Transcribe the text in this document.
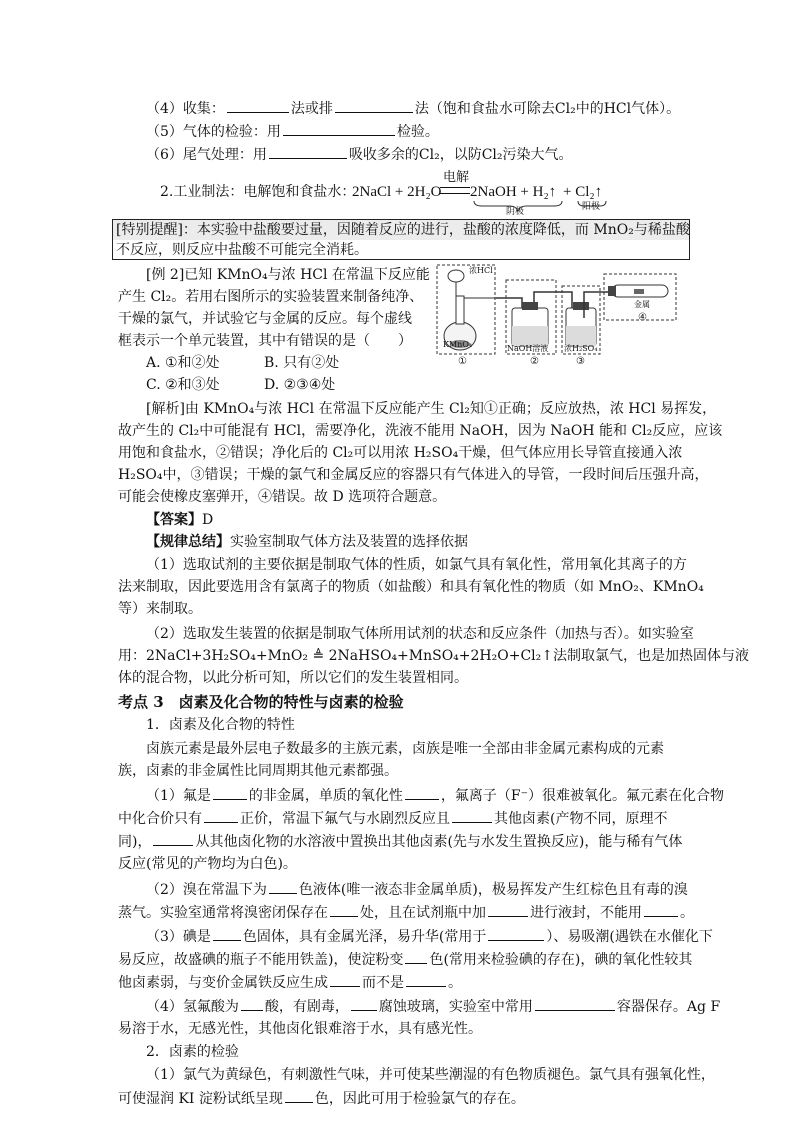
（4）收集：	法或排	法（饱和食盐水可除去Cl₂中的HCl气体）。
（5）气体的检验：用	检验。
（6）尾气处理：用	吸收多余的Cl₂，以防Cl₂污染大气。
2.工业制法：电解饱和食盐水：
2NaCl + 2H₂O
电解
2NaOH + H₂↑ + Cl₂↑
阴极	阳极
[特别提醒]：本实验中盐酸要过量，因随着反应的进行，盐酸的浓度降低，而 MnO₂与稀盐酸
不反应，则反应中盐酸不可能完全消耗。
[例 2]已知 KMnO₄与浓 HCl 在常温下反应能
产生 Cl₂。若用右图所示的实验装置来制备纯净、
干燥的氯气，并试验它与金属的反应。每个虚线
框表示一个单元装置，其中有错误的是（　　）
A. ①和②处	B. 只有②处
C. ②和③处	D. ②③④处
浓HCl
KMnO₄	NaOH溶液 浓H₂SO₄
金属
①	②	③
④
[解析]由 KMnO₄与浓 HCl 在常温下反应能产生 Cl₂知①正确；反应放热，浓 HCl 易挥发，
故产生的 Cl₂中可能混有 HCl，需要净化，洗液不能用 NaOH，因为 NaOH 能和 Cl₂反应，应该
用饱和食盐水，②错误；净化后的 Cl₂可以用浓 H₂SO₄干燥，但气体应用长导管直接通入浓
H₂SO₄中，③错误；干燥的氯气和金属反应的容器只有气体进入的导管，一段时间后压强升高，
可能会使橡皮塞弹开，④错误。故 D 选项符合题意。
【答案】D
【规律总结】实验室制取气体方法及装置的选择依据
（1）选取试剂的主要依据是制取气体的性质，如氯气具有氧化性，常用氧化其离子的方
法来制取，因此要选用含有氯离子的物质（如盐酸）和具有氧化性的物质（如 MnO₂、KMnO₄
等）来制取。
（2）选取发生装置的依据是制取气体所用试剂的状态和反应条件（加热与否）。如实验室
用：2NaCl+3H₂SO₄+MnO₂ ≜ 2NaHSO₄+MnSO₄+2H₂O+Cl₂↑法制取氯气，也是加热固体与液
体的混合物，以此分析可知，所以它们的发生装置相同。
考点 3　卤素及化合物的特性与卤素的检验
1．卤素及化合物的特性
卤族元素是最外层电子数最多的主族元素，卤族是唯一全部由非金属元素构成的元素
族，卤素的非金属性比同周期其他元素都强。
（1）氟是	的非金属，单质的氧化性	，氟离子（F⁻）很难被氧化。氟元素在化合物
中化合价只有	正价，常温下氟气与水剧烈反应且	其他卤素(产物不同，原理不
同)，	从其他卤化物的水溶液中置换出其他卤素(先与水发生置换反应)，能与稀有气体
反应(常见的产物均为白色)。
（2）溴在常温下为 色液体(唯一液态非金属单质)，极易挥发产生红棕色且有毒的溴
蒸气。实验室通常将溴密闭保存在 处，且在试剂瓶中加	进行液封，不能用	。
（3）碘是 色固体，具有金属光泽，易升华(常用于	）、易吸潮(遇铁在水催化下
易反应，故盛碘的瓶子不能用铁盖)，使淀粉变 色(常用来检验碘的存在)，碘的氧化性较其
他卤素弱，与变价金属铁反应生成 而不是	。
（4）氢氟酸为 酸，有剧毒， 腐蚀玻璃，实验室中常用	容器保存。Ag F
易溶于水，无感光性，其他卤化银难溶于水，具有感光性。
2．卤素的检验
（1）氯气为黄绿色，有刺激性气味，并可使某些潮湿的有色物质褪色。氯气具有强氧化性，
可使湿润 KI 淀粉试纸呈现 色，因此可用于检验氯气的存在。
